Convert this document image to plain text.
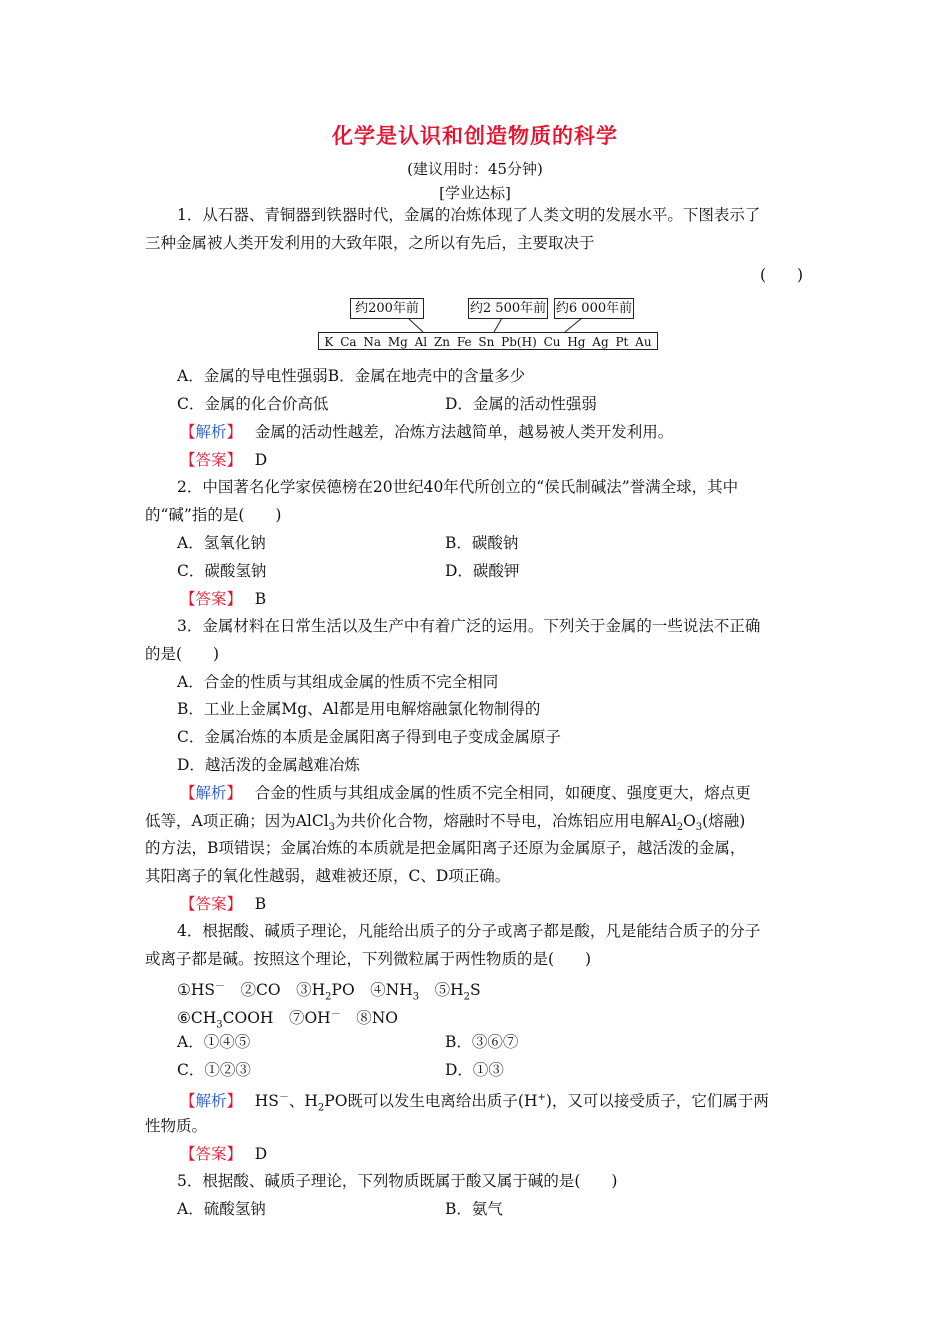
化学是认识和创造物质的科学
(建议用时：45分钟)
[学业达标]
1．从石器、青铜器到铁器时代，金属的冶炼体现了人类文明的发展水平。下图表示了
三种金属被人类开发利用的大致年限，之所以有先后，主要取决于
(　　)
约200年前	约2 500年前 约6 000年前
K Ca Na Mg Al Zn Fe Sn Pb(H) Cu Hg Ag Pt Au
A．金属的导电性强弱B．金属在地壳中的含量多少
C．金属的化合价高低	D．金属的活动性强弱
【解析】　 金属的活动性越差，冶炼方法越简单，越易被人类开发利用。
【答案】　 D
2．中国著名化学家侯德榜在20世纪40年代所创立的“侯氏制碱法”誉满全球，其中
的“碱”指的是(　　)
A．氢氧化钠	B．碳酸钠
C．碳酸氢钠	D．碳酸钾
【答案】　 B
3．金属材料在日常生活以及生产中有着广泛的运用。下列关于金属的一些说法不正确
的是(　　)
A．合金的性质与其组成金属的性质不完全相同
B．工业上金属Mg、Al都是用电解熔融氯化物制得的
C．金属冶炼的本质是金属阳离子得到电子变成金属原子
D．越活泼的金属越难冶炼
【解析】　 合金的性质与其组成金属的性质不完全相同，如硬度、强度更大，熔点更
低等，A项正确；因为AlCl$_3$为共价化合物，熔融时不导电，冶炼铝应用电解$Al_2O_3$(熔融)
的方法，B项错误；金属冶炼的本质就是把金属阳离子还原为金属原子，越活泼的金属，
其阳离子的氧化性越弱，越难被还原，C、D项正确。
【答案】　 B
4．根据酸、碱质子理论，凡能给出质子的分子或离子都是酸，凡是能结合质子的分子
或离子都是碱。按照这个理论，下列微粒属于两性物质的是(　　)
①HS－　 ②CO　$③H_2PO$　$④NH_3$　 $⑤H_2S$
$⑥CH_3COOH$　⑦OH－　 ⑧NO
A．①④⑤	B．③⑥⑦
C．①②③	D．①③
【解析】　 HS－、$H_2PO$既可以发生电离给出质子(H+)，又可以接受质子，它们属于两
性物质。
【答案】　 D
5．根据酸、碱质子理论，下列物质既属于酸又属于碱的是(　　)
A．硫酸氢钠	B．氨气
